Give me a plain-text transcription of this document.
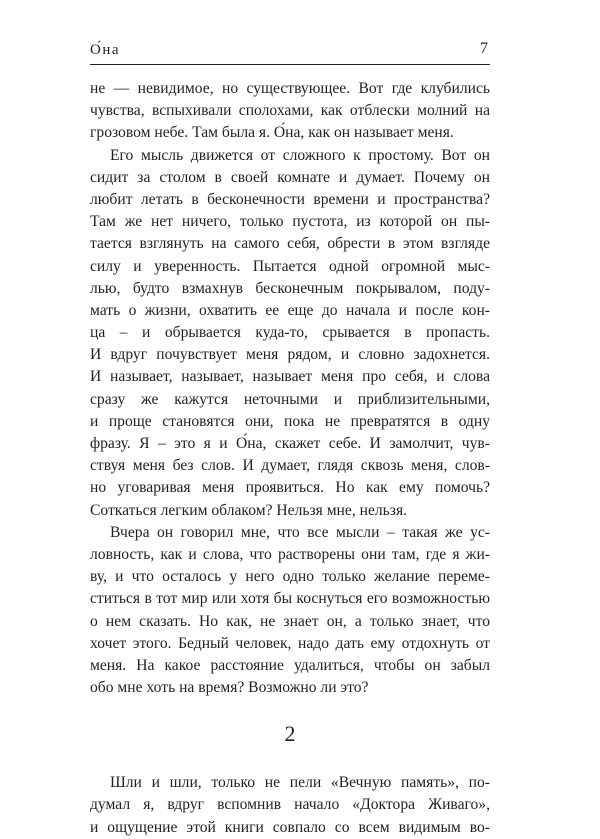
О́на	7
не — невидимое, но существующее. Вот где клубились
чувства, вспыхивали сполохами, как отблески молний на
грозовом небе. Там была я. О́на, как он называет меня.
Его мысль движется от сложного к простому. Вот он
сидит за столом в своей комнате и думает. Почему он
любит летать в бесконечности времени и пространства?
Там же нет ничего, только пустота, из которой он пы-
тается взглянуть на самого себя, обрести в этом взгляде
силу и уверенность. Пытается одной огромной мыс-
лью, будто взмахнув бесконечным покрывалом, поду-
мать о жизни, охватить ее еще до начала и после кон-
ца – и обрывается куда-то, срывается в пропасть.
И вдруг почувствует меня рядом, и словно задохнется.
И называет, называет, называет меня про себя, и слова
сразу же кажутся неточными и приблизительными,
и проще становятся они, пока не превратятся в одну
фразу. Я – это я и О́на, скажет себе. И замолчит, чув-
ствуя меня без слов. И думает, глядя сквозь меня, слов-
но уговаривая меня проявиться. Но как ему помочь?
Соткаться легким облаком? Нельзя мне, нельзя.
Вчера он говорил мне, что все мысли – такая же ус-
ловность, как и слова, что растворены они там, где я жи-
ву, и что осталось у него одно только желание переме-
ститься в тот мир или хотя бы коснуться его возможностью
о нем сказать. Но как, не знает он, а только знает, что
хочет этого. Бедный человек, надо дать ему отдохнуть от
меня. На какое расстояние удалиться, чтобы он забыл
обо мне хоть на время? Возможно ли это?
2
Шли и шли, только не пели «Вечную память», по-
думал я, вдруг вспомнив начало «Доктора Живаго»,
и ощущение этой книги совпало со всем видимым во-
